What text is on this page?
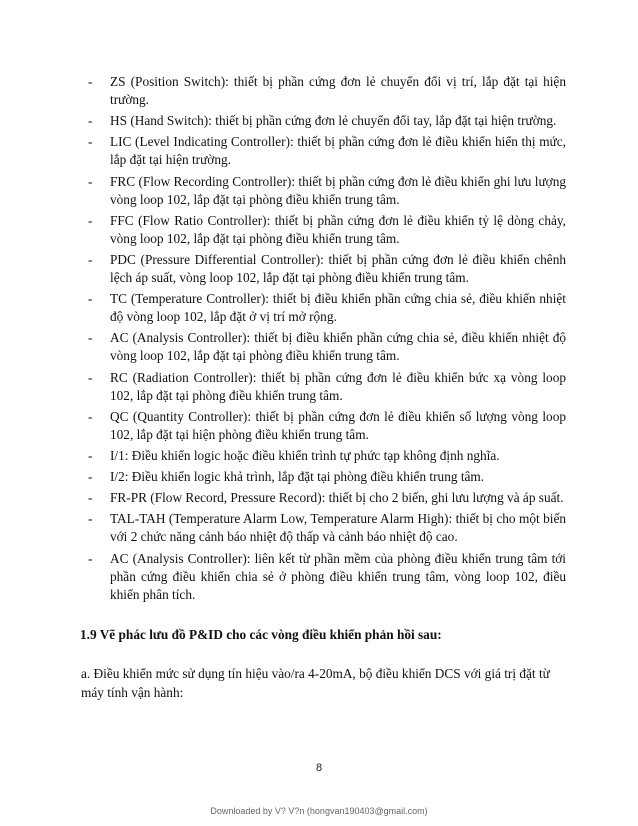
-	ZS (Position Switch): thiết bị phần cứng đơn lẻ chuyển đổi vị trí, lắp đặt tại hiện trường.
-	HS (Hand Switch): thiết bị phần cứng đơn lẻ chuyển đổi tay, lắp đặt tại hiện trường.
-	LIC (Level Indicating Controller): thiết bị phần cứng đơn lẻ điều khiển hiển thị mức, lắp đặt tại hiện trường.
-	FRC (Flow Recording Controller): thiết bị phần cứng đơn lẻ điều khiển ghi lưu lượng vòng loop 102, lắp đặt tại phòng điều khiển trung tâm.
-	FFC (Flow Ratio Controller): thiết bị phần cứng đơn lẻ điều khiển tỷ lệ dòng chảy, vòng loop 102, lắp đặt tại phòng điều khiển trung tâm.
-	PDC (Pressure Differential Controller): thiết bị phần cứng đơn lẻ điều khiển chênh lệch áp suất, vòng loop 102, lắp đặt tại phòng điều khiển trung tâm.
-	TC (Temperature Controller): thiết bị điều khiển phần cứng chia sẻ, điều khiển nhiệt độ vòng loop 102, lắp đặt ở vị trí mở rộng.
-	AC (Analysis Controller): thiết bị điều khiển phần cứng chia sẻ, điều khiển nhiệt độ vòng loop 102, lắp đặt tại phòng điều khiển trung tâm.
-	RC (Radiation Controller): thiết bị phần cứng đơn lẻ điều khiển bức xạ vòng loop 102, lắp đặt tại phòng điều khiển trung tâm.
-	QC (Quantity Controller): thiết bị phần cứng đơn lẻ điều khiển số lượng vòng loop 102, lắp đặt tại hiện phòng điều khiển trung tâm.
-	I/1: Điều khiển logic hoặc điều khiển trình tự phức tạp không định nghĩa.
-	I/2: Điều khiển logic khả trình, lắp đặt tại phòng điều khiển trung tâm.
-	FR-PR (Flow Record, Pressure Record): thiết bị cho 2 biến, ghi lưu lượng và áp suất.
-	TAL-TAH (Temperature Alarm Low, Temperature Alarm High): thiết bị cho một biến với 2 chức năng cảnh báo nhiệt độ thấp và cảnh báo nhiệt độ cao.
-	AC (Analysis Controller): liên kết từ phần mềm của phòng điều khiển trung tâm tới phần cứng điều khiển chia sẻ ở phòng điều khiển trung tâm, vòng loop 102, điều khiển phân tích.

1.9 Vẽ phác lưu đồ P&ID cho các vòng điều khiển phản hồi sau:

a. Điều khiển mức sử dụng tín hiệu vào/ra 4-20mA, bộ điều khiển DCS với giá trị đặt từ máy tính vận hành:

8
Downloaded by V? V?n (hongvan190403@gmail.com)
